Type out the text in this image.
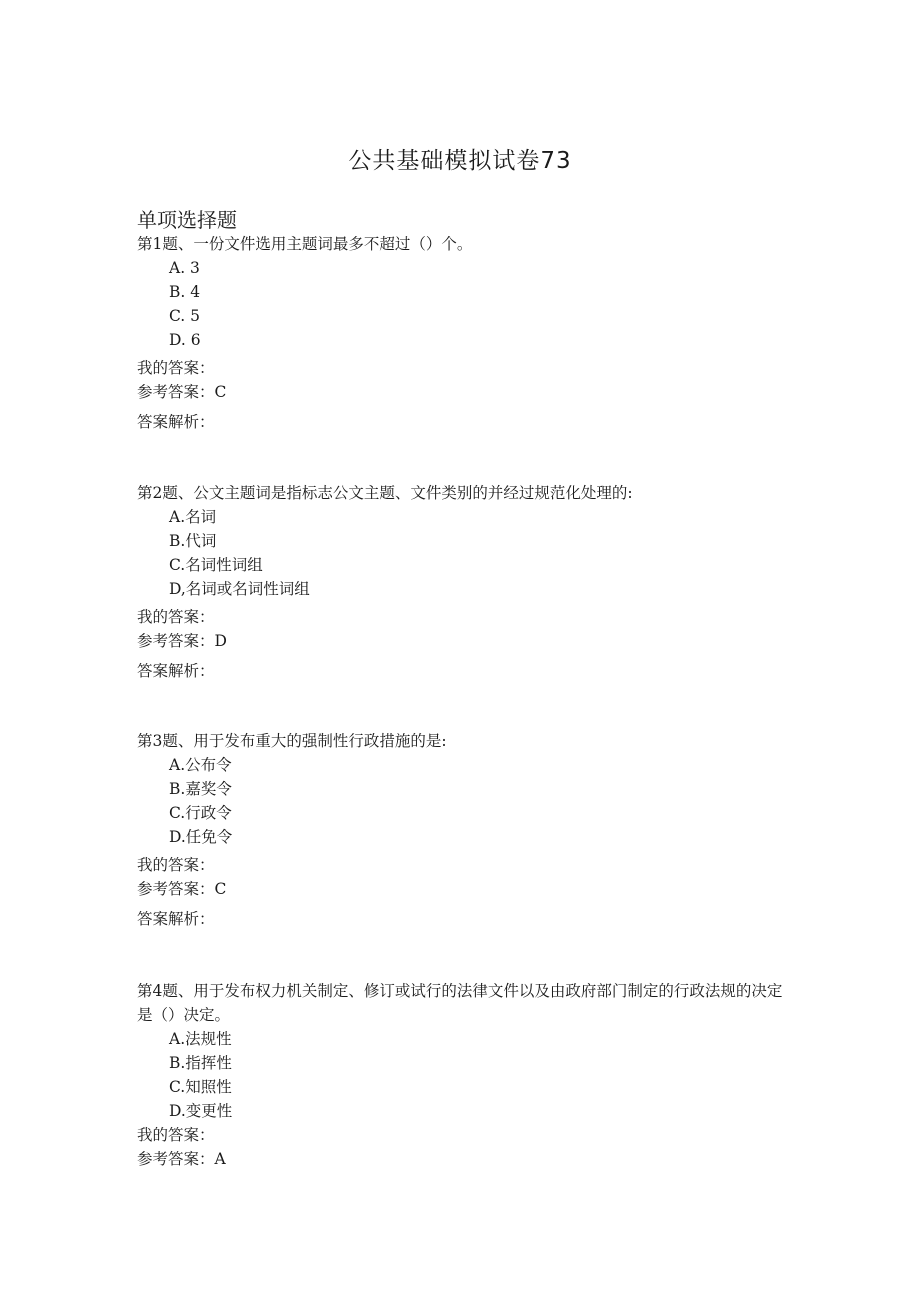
公共基础模拟试卷73
单项选择题

第1题、一份文件选用主题词最多不超过（）个。

A. 3
B. 4
C. 5
D. 6

我的答案：

参考答案：C

答案解析：

第2题、公文主题词是指标志公文主题、文件类别的并经过规范化处理的:

A.名词
B.代词
C.名词性词组
D,名词或名词性词组

我的答案：

参考答案：D

答案解析：

第3题、用于发布重大的强制性行政措施的是:

A.公布令
B.嘉奖令
C.行政令
D.任免令

我的答案：

参考答案：C

答案解析：

第4题、用于发布权力机关制定、修订或试行的法律文件以及由政府部门制定的行政法规的决定是（）决定。

A.法规性
B.指挥性
C.知照性
D.变更性

我的答案：

参考答案：A
